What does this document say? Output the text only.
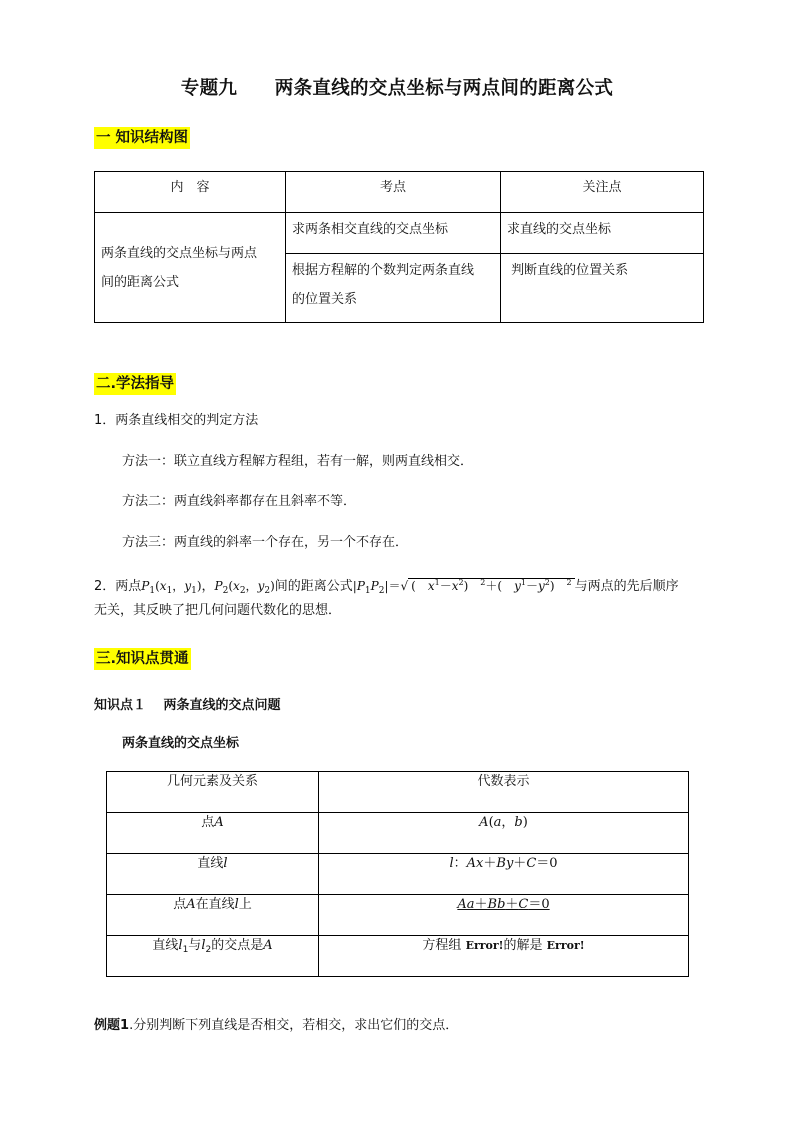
专题九　　两条直线的交点坐标与两点间的距离公式
一 知识结构图
内　容	考点	关注点

两条直线的交点坐标与两点
间的距离公式	求两条相交直线的交点坐标	求直线的交点坐标

	根据方程解的个数判定两条直线
的位置关系	判断直线的位置关系
二.学法指导
1．两条直线相交的判定方法
方法一：联立直线方程解方程组，若有一解，则两直线相交．
方法二：两直线斜率都存在且斜率不等．
方法三：两直线的斜率一个存在，另一个不存在．
2．两点$P_1(x_1$，$y_1$)，$P_2(x_2$，$y_2$)间的距离公式$|P_1P_2|=√$ (　$x^1-x^2$)　$^2$＋(　$y^1-y^2$)　$^2$ 与两点的先后顺序
无关，其反映了把几何问题代数化的思想．
三.知识点贯通
知识点１　 两条直线的交点问题
两条直线的交点坐标
几何元素及关系	代数表示
点A	A(a，b)
直线l	l：Ax＋By＋C＝0
点A在直线l上	Aa＋Bb＋C＝0
直线$l_1$与$l_2$的交点是A	方程组 Error!的解是 Error!
例题1.分别判断下列直线是否相交，若相交，求出它们的交点．
